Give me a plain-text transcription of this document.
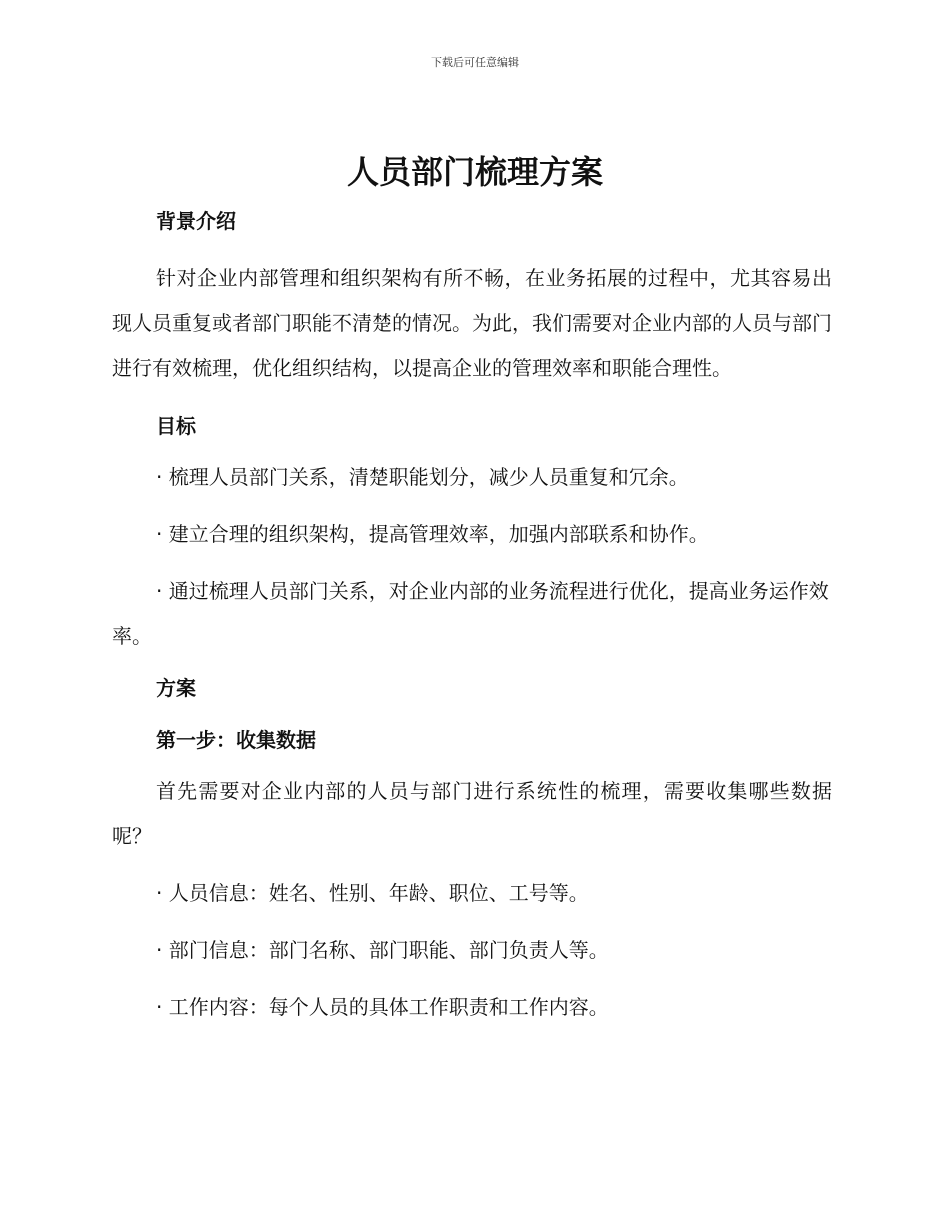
下载后可任意编辑
人员部门梳理方案
背景介绍

针对企业内部管理和组织架构有所不畅，在业务拓展的过程中，尤其容易出现人员重复或者部门职能不清楚的情况。为此，我们需要对企业内部的人员与部门进行有效梳理，优化组织结构，以提高企业的管理效率和职能合理性。

目标

· 梳理人员部门关系，清楚职能划分，减少人员重复和冗余。

· 建立合理的组织架构，提高管理效率，加强内部联系和协作。

· 通过梳理人员部门关系，对企业内部的业务流程进行优化，提高业务运作效率。

方案
第一步：收集数据

首先需要对企业内部的人员与部门进行系统性的梳理，需要收集哪些数据呢？

· 人员信息：姓名、性别、年龄、职位、工号等。

· 部门信息：部门名称、部门职能、部门负责人等。

· 工作内容：每个人员的具体工作职责和工作内容。
